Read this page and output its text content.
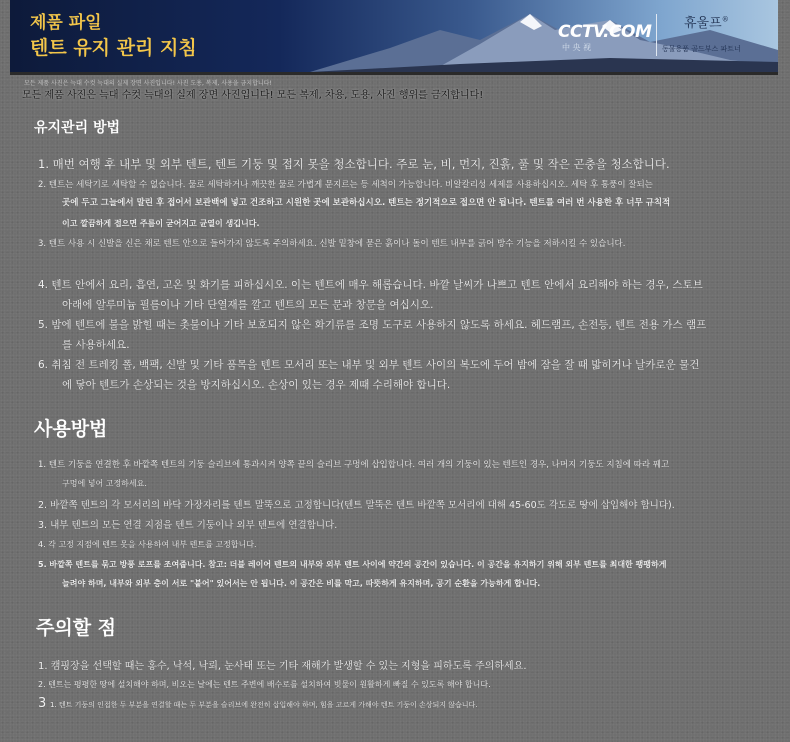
제품 파일
텐트 유지 관리 지침
CCTV.COM
中 央 视
휴울프®
동물용품 골드부스 파트너
모든 제품 사진은 늑대 수컷 늑대의 실제 장면 사진입니다! 사진 도용, 복제, 사용을 금지합니다!
모든 제품 사진은 늑대 수컷 늑대의 실제 장면 사진입니다! 모든 복제, 차용, 도용, 사진 행위를 금지합니다!
유지관리 방법
1. 매번 여행 후 내부 및 외부 텐트, 텐트 기둥 및 접지 못을 청소합니다. 주로 눈, 비, 먼지, 진흙, 풀 및 작은 곤충을 청소합니다.
2. 텐트는 세탁기로 세탁할 수 없습니다. 물로 세탁하거나 깨끗한 물로 가볍게 문지르는 등 세척이 가능합니다. 비알칼리성 세제를 사용하십시오. 세탁 후 통풍이 잘되는
곳에 두고 그늘에서 말린 후 접어서 보관백에 넣고 건조하고 시원한 곳에 보관하십시오. 텐트는 정기적으로 접으면 안 됩니다. 텐트를 여러 번 사용한 후 너무 규칙적
이고 깔끔하게 접으면 주름이 굳어지고 균열이 생깁니다.
3. 텐트 사용 시 신발을 신은 채로 텐트 안으로 들어가지 않도록 주의하세요. 신발 밑창에 묻은 흙이나 돌이 텐트 내부를 긁어 방수 기능을 저하시킬 수 있습니다.
4. 텐트 안에서 요리, 흡연, 고온 및 화기를 피하십시오. 이는 텐트에 매우 해롭습니다. 바깥 날씨가 나쁘고 텐트 안에서 요리해야 하는 경우, 스토브
아래에 알루미늄 필름이나 기타 단열재를 깔고 텐트의 모든 문과 창문을 여십시오.
5. 밤에 텐트에 불을 밝힐 때는 촛불이나 기타 보호되지 않은 화기류를 조명 도구로 사용하지 않도록 하세요. 헤드램프, 손전등, 텐트 전용 가스 램프
를 사용하세요.
6. 취침 전 트레킹 폴, 백팩, 신발 및 기타 품목을 텐트 모서리 또는 내부 및 외부 텐트 사이의 복도에 두어 밤에 잠을 잘 때 밟히거나 날카로운 물건
에 닿아 텐트가 손상되는 것을 방지하십시오. 손상이 있는 경우 제때 수리해야 합니다.
사용방법
1. 텐트 기둥을 연결한 후 바깥쪽 텐트의 기둥 슬리브에 통과시켜 양쪽 끝의 슬리브 구멍에 삽입합니다. 여러 개의 기둥이 있는 텐트인 경우, 나머지 기둥도 지침에 따라 꿰고
구멍에 넣어 고정하세요.
2. 바깥쪽 텐트의 각 모서리의 바닥 가장자리를 텐트 말뚝으로 고정합니다(텐트 말뚝은 텐트 바깥쪽 모서리에 대해 45-60도 각도로 땅에 삽입해야 합니다).
3. 내부 텐트의 모든 연결 지점을 텐트 기둥이나 외부 텐트에 연결합니다.
4. 각 고정 지점에 텐트 못을 사용하여 내부 텐트를 고정합니다.
5. 바깥쪽 텐트를 묶고 방풍 로프를 조여줍니다. 참고: 더블 레이어 텐트의 내부와 외부 텐트 사이에 약간의 공간이 있습니다. 이 공간을 유지하기 위해 외부 텐트를 최대한 팽팽하게
늘려야 하며, 내부와 외부 층이 서로 "붙어" 있어서는 안 됩니다. 이 공간은 비를 막고, 따뜻하게 유지하며, 공기 순환을 가능하게 합니다.
주의할 점
1. 캠핑장을 선택할 때는 홍수, 낙석, 낙뢰, 눈사태 또는 기타 재해가 발생할 수 있는 지형을 피하도록 주의하세요.
2. 텐트는 평평한 땅에 설치해야 하며, 비오는 날에는 텐트 주변에 배수로를 설치하여 빗물이 원활하게 빠질 수 있도록 해야 합니다.
3 1. 텐트 기둥의 인접한 두 부분을 연결할 때는 두 부분을 슬리브에 완전히 삽입해야 하며, 힘을 고르게 가해야 텐트 기둥이 손상되지 않습니다.
